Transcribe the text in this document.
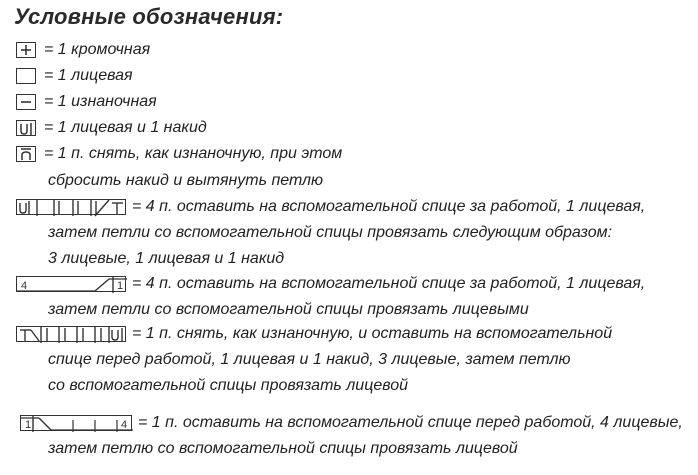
Условные обозначения:
= 1 кромочная
= 1 лицевая
= 1 изнаночная
= 1 лицевая и 1 накид
= 1 п. снять, как изнаночную, при этом
сбросить накид и вытянуть петлю
= 4 п. оставить на вспомогательной спице за работой, 1 лицевая,
затем петли со вспомогательной спицы провязать следующим образом:
3 лицевые, 1 лицевая и 1 накид
4	1 = 4 п. оставить на вспомогательной спице за работой, 1 лицевая,
затем петли со вспомогательной спицы провязать лицевыми
= 1 п. снять, как изнаночную, и оставить на вспомогательной
спице перед работой, 1 лицевая и 1 накид, 3 лицевые, затем петлю
со вспомогательной спицы провязать лицевой
1	4 = 1 п. оставить на вспомогательной спице перед работой, 4 лицевые,
затем петлю со вспомогательной спицы провязать лицевой
